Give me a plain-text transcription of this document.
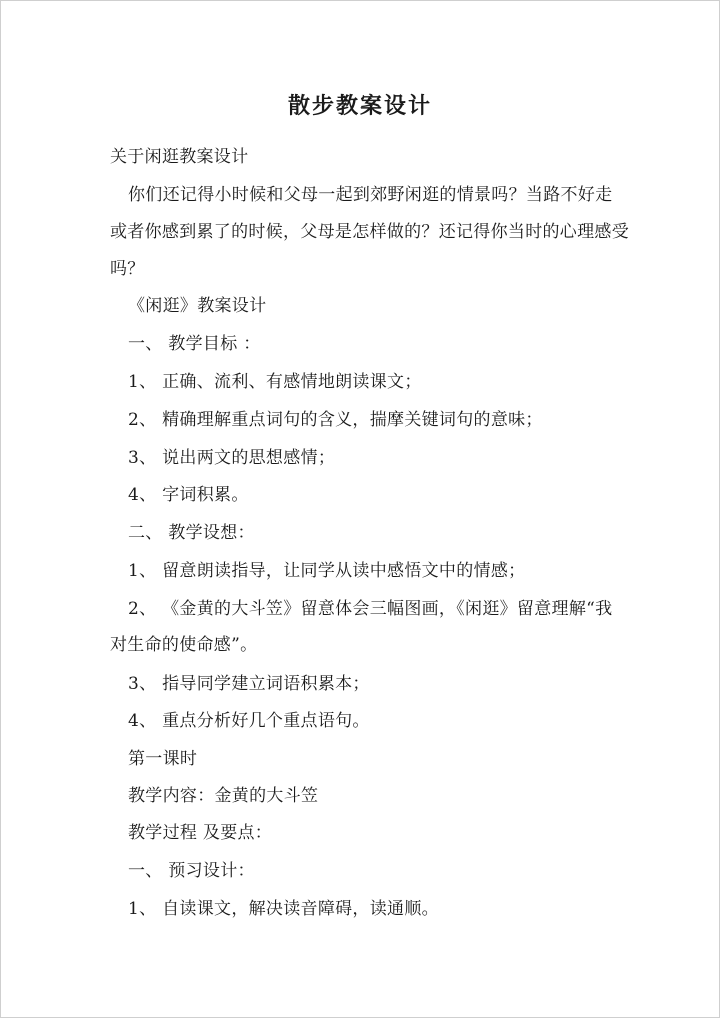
散步教案设计
关于闲逛教案设计
你们还记得小时候和父母一起到郊野闲逛的情景吗？当路不好走
或者你感到累了的时候，父母是怎样做的？还记得你当时的心理感受
吗？
《闲逛》教案设计
一、 教学目标 ：
1、 正确、流利、有感情地朗读课文；
2、 精确理解重点词句的含义，揣摩关键词句的意味；
3、 说出两文的思想感情；
4、 字词积累。
二、 教学设想：
1、 留意朗读指导，让同学从读中感悟文中的情感；
2、 《金黄的大斗笠》留意体会三幅图画，《闲逛》留意理解“我
对生命的使命感”。
3、 指导同学建立词语积累本；
4、 重点分析好几个重点语句。
第一课时
教学内容：金黄的大斗笠
教学过程 及要点：
一、 预习设计：
1、 自读课文，解决读音障碍，读通顺。
